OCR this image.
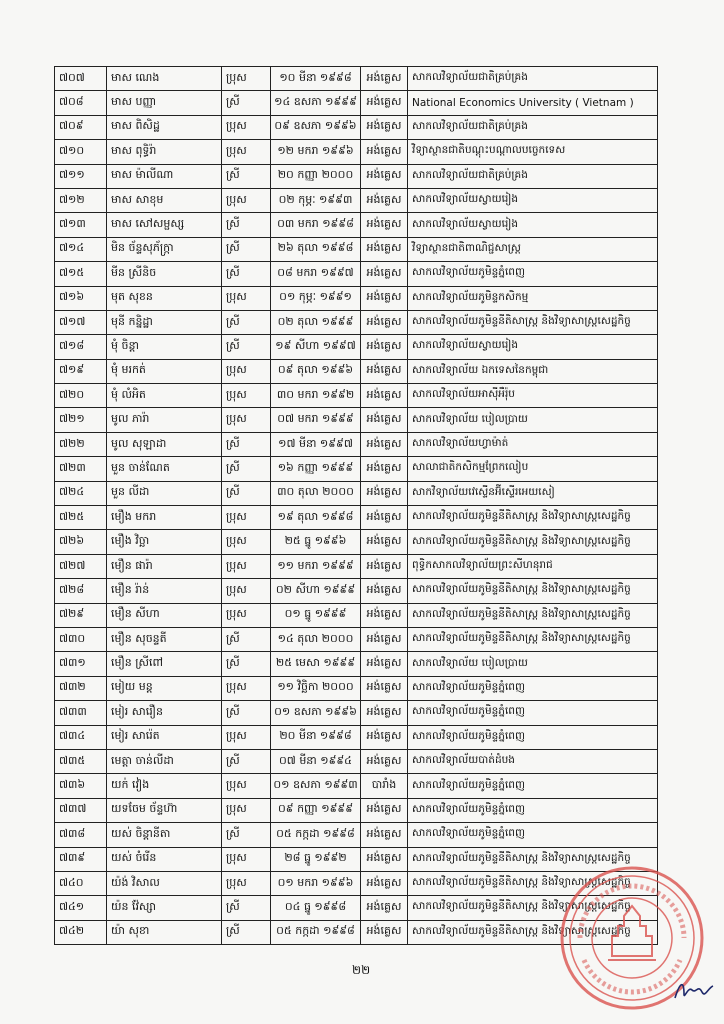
៧០៧	មាស ណេង	ប្រុស	១០ មីនា ១៩៩៨	អង់គ្លេស	សាកលវិទ្យាល័យជាតិគ្រប់គ្រង
៧០៨	មាស បញ្ញា	ស្រី	១៤ ឧសភា ១៩៩៩	អង់គ្លេស	National Economics University ( Vietnam )
៧០៩	មាស ពិសិដ្ឋ	ប្រុស	០៩ ឧសភា ១៩៩៦	អង់គ្លេស	សាកលវិទ្យាល័យជាតិគ្រប់គ្រង
៧១០	មាស ពុទ្ធិរ៉ា	ប្រុស	១២ មករា ១៩៩៦	អង់គ្លេស	វិទ្យាស្ថានជាតិបណ្តុះបណ្តាលបច្ចេកទេស
៧១១	មាស ម៉ាលីណា	ស្រី	២០ កញ្ញា ២០០០	អង់គ្លេស	សាកលវិទ្យាល័យជាតិគ្រប់គ្រង
៧១២	មាស សាខុម	ប្រុស	០២ កុម្ភៈ ១៩៩៣	អង់គ្លេស	សាកលវិទ្យាល័យស្វាយរៀង
៧១៣	មាស សៅសម្ផស្ស	ស្រី	០៣ មករា ១៩៩៨	អង់គ្លេស	សាកលវិទ្យាល័យស្វាយរៀង
៧១៤	មិន ច័ន្ទសុភ័ក្រ្កា	ស្រី	២៦ តុលា ១៩៩៨	អង់គ្លេស	វិទ្យាស្ថានជាតិពាណិជ្ជសាស្ត្រ
៧១៥	មីន ស្រីនិច	ស្រី	០៨ មករា ១៩៩៧	អង់គ្លេស	សាកលវិទ្យាល័យភូមិន្ទភ្នំពេញ
៧១៦	មុត សុខន	ប្រុស	០១ កុម្ភៈ ១៩៩១	អង់គ្លេស	សាកលវិទ្យាល័យភូមិន្ទកសិកម្ម
៧១៧	មុនី កន្និដ្ឋា	ស្រី	០២ តុលា ១៩៩៩	អង់គ្លេស	សាកលវិទ្យាល័យភូមិន្ទនីតិសាស្ត្រ និងវិទ្យាសាស្ត្រសេដ្ឋកិច្ច
៧១៨	មុំ ចិន្តា	ស្រី	១៩ សីហា ១៩៩៧	អង់គ្លេស	សាកលវិទ្យាល័យស្វាយរៀង
៧១៩	មុំ មរកត់	ប្រុស	០៩ តុលា ១៩៩៦	អង់គ្លេស	សាកលវិទ្យាល័យ ឯកទេសនៃកម្ពុជា
៧២០	មុំ លំអិត	ប្រុស	៣០ មករា ១៩៩២	អង់គ្លេស	សាកលវិទ្យាល័យអាស៊ីអឺរ៉ុប
៧២១	មូល ភារ៉ា	ប្រុស	០៧ មករា ១៩៩៩	អង់គ្លេស	សាកលវិទ្យាល័យ បៀលប្រាយ
៧២២	មូល សុឡាដា	ស្រី	១៧ មីនា ១៩៩៧	អង់គ្លេស	សាកលវិទ្យាល័យហ្វាម៉ាត់
៧២៣	មួន ចាន់ណែត	ស្រី	១៦ កញ្ញា ១៩៩៩	អង់គ្លេស	សាលាជាតិកសិកម្មព្រែកលៀប
៧២៤	មួន លីដា	ស្រី	៣០ តុលា ២០០០	អង់គ្លេស	សាកវិទ្យាល័យវេស្ទើនអ៊ីស្ទើរអេយសៀ
៧២៥	មឿង មករា	ប្រុស	១៩ តុលា ១៩៩៨	អង់គ្លេស	សាកលវិទ្យាល័យភូមិន្ទនីតិសាស្ត្រ និងវិទ្យាសាស្ត្រសេដ្ឋកិច្ច
៧២៦	មឿង វិច្ឆា	ប្រុស	២៥ ធ្នូ ១៩៩៦	អង់គ្លេស	សាកលវិទ្យាល័យភូមិន្ទនីតិសាស្ត្រ និងវិទ្យាសាស្ត្រសេដ្ឋកិច្ច
៧២៧	មឿន ផារ៉ា	ប្រុស	១១ មករា ១៩៩៩	អង់គ្លេស	ពុទ្ធិកសាកលវិទ្យាល័យព្រះសីហនុរាជ
៧២៨	មឿន រ៉ាន់	ប្រុស	០២ សីហា ១៩៩៩	អង់គ្លេស	សាកលវិទ្យាល័យភូមិន្ទនីតិសាស្ត្រ និងវិទ្យាសាស្ត្រសេដ្ឋកិច្ច
៧២៩	មឿន សីហា	ប្រុស	០១ ធ្នូ ១៩៩៩	អង់គ្លេស	សាកលវិទ្យាល័យភូមិន្ទនីតិសាស្ត្រ និងវិទ្យាសាស្ត្រសេដ្ឋកិច្ច
៧៣០	មឿន សុចន្ទតី	ស្រី	១៤ តុលា ២០០០	អង់គ្លេស	សាកលវិទ្យាល័យភូមិន្ទនីតិសាស្ត្រ និងវិទ្យាសាស្ត្រសេដ្ឋកិច្ច
៧៣១	មឿន ស្រីពៅ	ស្រី	២៥ មេសា ១៩៩៩	អង់គ្លេស	សាកលវិទ្យាល័យ បៀលប្រាយ
៧៣២	មៀយ មន្ត	ប្រុស	១១ វិច្ឆិកា ២០០០	អង់គ្លេស	សាកលវិទ្យាល័យភូមិន្ទភ្នំពេញ
៧៣៣	មៀរ សារឿន	ស្រី	០១ ឧសភា ១៩៩៦	អង់គ្លេស	សាកលវិទ្យាល័យភូមិន្ទភ្នំពេញ
៧៣៤	មៀរ សារ៉េត	ប្រុស	២០ មីនា ១៩៩៨	អង់គ្លេស	សាកលវិទ្យាល័យភូមិន្ទភ្នំពេញ
៧៣៥	មេត្តា ចាន់លីដា	ស្រី	០៧ មីនា ១៩៩៤	អង់គ្លេស	សាកលវិទ្យាល័យបាត់ដំបង
៧៣៦	យក់ វៀង	ប្រុស	០១ ឧសភា ១៩៩៣	បារាំង	សាកលវិទ្យាល័យភូមិន្ទភ្នំពេញ
៧៣៧	យទចែម ច័ន្ទហ៊ា	ប្រុស	០៩ កញ្ញា ១៩៩៩	អង់គ្លេស	សាកលវិទ្យាល័យភូមិន្ទភ្នំពេញ
៧៣៨	យស់ ចិន្តានីតា	ស្រី	០៥ កក្កដា ១៩៩៨	អង់គ្លេស	សាកលវិទ្យាល័យភូមិន្ទភ្នំពេញ
៧៣៩	យស់ ចំរើន	ប្រុស	២៨ ធ្នូ ១៩៩២	អង់គ្លេស	សាកលវិទ្យាល័យភូមិន្ទនីតិសាស្ត្រ និងវិទ្យាសាស្ត្រសេដ្ឋកិច្ច
៧៤០	យ៉ង់ វិសាល	ប្រុស	០១ មករា ១៩៩៦	អង់គ្លេស	សាកលវិទ្យាល័យភូមិន្ទនីតិសាស្ត្រ និងវិទ្យាសាស្ត្រសេដ្ឋកិច្ច
៧៤១	យ៉ន វ៉ែស្សា	ស្រី	០៤ ធ្នូ ១៩៩៨	អង់គ្លេស	សាកលវិទ្យាល័យភូមិន្ទនីតិសាស្ត្រ និងវិទ្យាសាស្ត្រសេដ្ឋកិច្ច
៧៤២	យ៉ា សុខា	ស្រី	០៥ កក្កដា ១៩៩៨	អង់គ្លេស	សាកលវិទ្យាល័យភូមិន្ទនីតិសាស្ត្រ និងវិទ្យាសាស្ត្រសេដ្ឋកិច្ច
២២
